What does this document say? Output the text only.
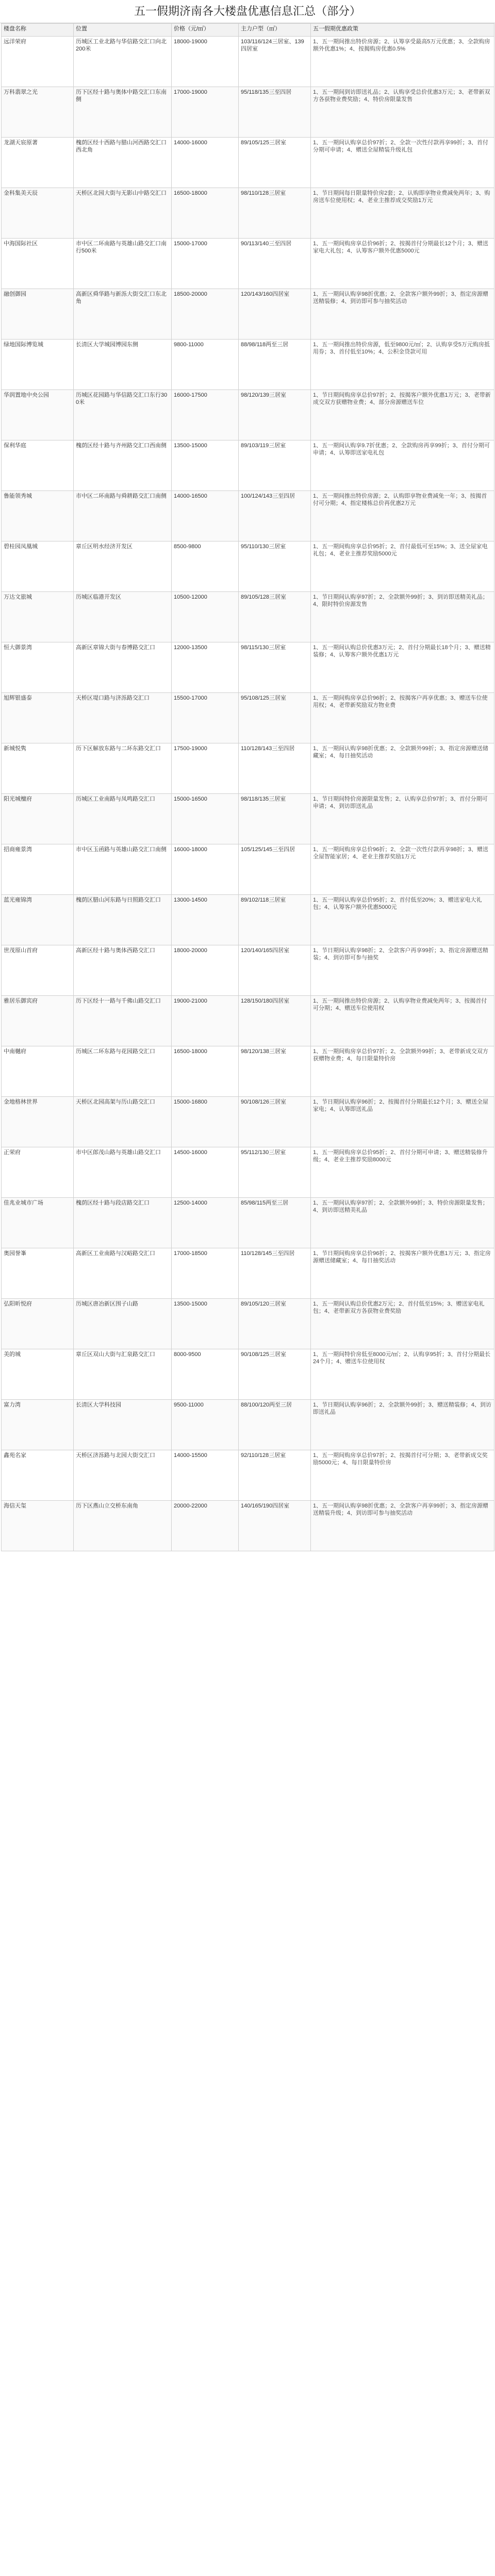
五一假期济南各大楼盘优惠信息汇总（部分）
楼盘名称	位置	价格（元/㎡）	主力户型（㎡）	五一假期优惠政策
远洋荣府	历城区工业北路与华信路交汇口向北200米	18000-19000	103/116/124三居室、139四居室	1、五一期间推出特价房源；2、认筹享受最高5万元优惠；3、全款购房额外优惠1%；4、按揭购房优惠0.5%
万科翡翠之光	历下区经十路与奥体中路交汇口东南侧	17000-19000	95/118/135三至四居	1、五一期间到访即送礼品；2、认购享受总价优惠3万元；3、老带新双方各获物业费奖励；4、特价房限量发售
龙湖天宸原著	槐荫区经十西路与腊山河西路交汇口西北角	14000-16000	89/105/125三居室	1、五一期间认购享总价97折；2、全款一次性付款再享99折；3、首付分期可申请；4、赠送全屋精装升级礼包
金科集美天辰	天桥区北园大街与无影山中路交汇口	16500-18000	98/110/128三居室	1、节日期间每日限量特价房2套；2、认购即享物业费减免两年；3、购房送车位使用权；4、老业主推荐成交奖励1万元
中海国际社区	市中区二环南路与英雄山路交汇口南行500米	15000-17000	90/113/140三至四居	1、五一期间购房享总价96折；2、按揭首付分期最长12个月；3、赠送家电大礼包；4、认筹客户额外优惠5000元
融创御园	高新区舜华路与新泺大街交汇口东北角	18500-20000	120/143/160四居室	1、五一期间认购享98折优惠；2、全款客户额外99折；3、指定房源赠送精装修；4、到访即可参与抽奖活动
绿地国际博览城	长清区大学城园博园东侧	9800-11000	88/98/118两至三居	1、五一期间推出特价房源，低至9800元/㎡；2、认购享受5万元购房抵用券；3、首付低至10%；4、公积金贷款可用
华润置地中央公园	历城区花园路与华信路交汇口东行300米	16000-17500	98/120/139三居室	1、节日期间购房享总价97折；2、按揭客户额外优惠1万元；3、老带新成交双方获赠物业费；4、部分房源赠送车位
保利华庭	槐荫区经十路与齐州路交汇口西南侧	13500-15000	89/103/119三居室	1、五一期间认购享9.7折优惠；2、全款购房再享99折；3、首付分期可申请；4、认筹即送家电礼包
鲁能领秀城	市中区二环南路与舜耕路交汇口南侧	14000-16500	100/124/143三至四居	1、五一期间推出特价房源；2、认购即享物业费减免一年；3、按揭首付可分期；4、指定楼栋总价再优惠2万元
碧桂园凤凰城	章丘区明水经济开发区	8500-9800	95/110/130三居室	1、五一期间购房享总价95折；2、首付最低可至15%；3、送全屋家电礼包；4、老业主推荐奖励5000元
万达文旅城	历城区临港开发区	10500-12000	89/105/128三居室	1、节日期间认购享97折；2、全款额外99折；3、到访即送精美礼品；4、限时特价房源发售
恒大御景湾	高新区章锦大街与春博路交汇口	12000-13500	98/115/130三居室	1、五一期间认购总价优惠3万元；2、首付分期最长18个月；3、赠送精装修；4、认筹客户额外优惠1万元
旭辉银盛泰	天桥区堤口路与济泺路交汇口	15500-17000	95/108/125三居室	1、五一期间购房享总价96折；2、按揭客户再享优惠；3、赠送车位使用权；4、老带新奖励双方物业费
新城悦隽	历下区解放东路与二环东路交汇口	17500-19000	110/128/143三至四居	1、五一期间认购享98折优惠；2、全款额外99折；3、指定房源赠送储藏室；4、每日抽奖活动
阳光城檀府	历城区工业南路与凤鸣路交汇口	15000-16500	98/118/135三居室	1、节日期间特价房源限量发售；2、认购享总价97折；3、首付分期可申请；4、到访即送礼品
招商雍景湾	市中区玉函路与英雄山路交汇口南侧	16000-18000	105/125/145三至四居	1、五一期间购房享总价96折；2、全款一次性付款再享98折；3、赠送全屋智能家居；4、老业主推荐奖励1万元
蓝光雍锦湾	槐荫区腊山河东路与日照路交汇口	13000-14500	89/102/118三居室	1、五一期间认购享总价95折；2、首付低至20%；3、赠送家电大礼包；4、认筹客户额外优惠5000元
世茂原山首府	高新区经十路与奥体西路交汇口	18000-20000	120/140/165四居室	1、节日期间认购享98折；2、全款客户再享99折；3、指定房源赠送精装；4、到访即可参与抽奖
雅居乐御宾府	历下区经十一路与千佛山路交汇口	19000-21000	128/150/180四居室	1、五一期间推出特价房源；2、认购享物业费减免两年；3、按揭首付可分期；4、赠送车位使用权
中南樾府	历城区二环东路与花园路交汇口	16500-18000	98/120/138三居室	1、五一期间购房享总价97折；2、全款额外99折；3、老带新成交双方获赠物业费；4、每日限量特价房
金地格林世界	天桥区北园高架与历山路交汇口	15000-16800	90/108/126三居室	1、节日期间认购享96折；2、按揭首付分期最长12个月；3、赠送全屋家电；4、认筹即送礼品
正荣府	市中区郎茂山路与英雄山路交汇口	14500-16000	95/112/130三居室	1、五一期间购房享总价95折；2、首付分期可申请；3、赠送精装修升级；4、老业主推荐奖励8000元
佳兆业城市广场	槐荫区经十路与段店路交汇口	12500-14000	85/98/115两至三居	1、五一期间认购享97折；2、全款额外99折；3、特价房源限量发售；4、到访即送精美礼品
奥园誉峯	高新区工业南路与汉峪路交汇口	17000-18500	110/128/145三至四居	1、节日期间购房享总价96折；2、按揭客户额外优惠1万元；3、指定房源赠送储藏室；4、每日抽奖活动
弘阳昕悦府	历城区唐冶新区围子山路	13500-15000	89/105/120三居室	1、五一期间认购总价优惠2万元；2、首付低至15%；3、赠送家电礼包；4、老带新双方各获物业费奖励
美的城	章丘区双山大街与汇泉路交汇口	8000-9500	90/108/125三居室	1、五一期间特价房低至8000元/㎡；2、认购享95折；3、首付分期最长24个月；4、赠送车位使用权
富力湾	长清区大学科技园	9500-11000	88/100/120两至三居	1、节日期间认购享96折；2、全款额外99折；3、赠送精装修；4、到访即送礼品
鑫苑名家	天桥区济泺路与北园大街交汇口	14000-15500	92/110/128三居室	1、五一期间购房享总价97折；2、按揭首付可分期；3、老带新成交奖励5000元；4、每日限量特价房
海信天玺	历下区燕山立交桥东南角	20000-22000	140/165/190四居室	1、五一期间认购享98折优惠；2、全款客户再享99折；3、指定房源赠送精装升级；4、到访即可参与抽奖活动
